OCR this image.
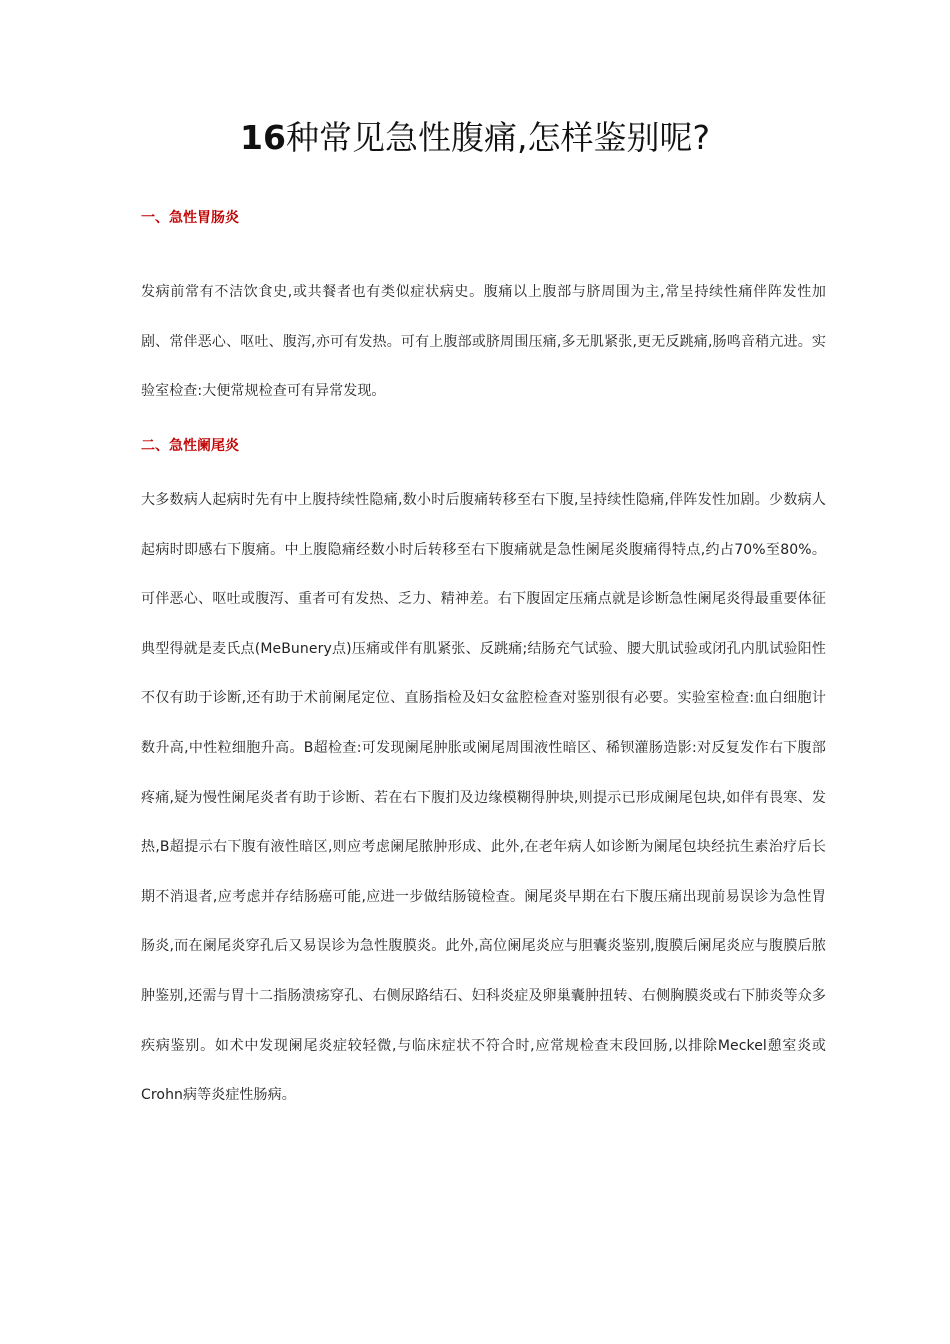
16种常见急性腹痛,怎样鉴别呢?
一、急性胃肠炎

发病前常有不洁饮食史,或共餐者也有类似症状病史。腹痛以上腹部与脐周围为主,常呈持续性痛伴阵发性加剧、常伴恶心、呕吐、腹泻,亦可有发热。可有上腹部或脐周围压痛,多无肌紧张,更无反跳痛,肠鸣音稍亢进。实验室检查:大便常规检查可有异常发现。

二、急性阑尾炎

大多数病人起病时先有中上腹持续性隐痛,数小时后腹痛转移至右下腹,呈持续性隐痛,伴阵发性加剧。少数病人起病时即感右下腹痛。中上腹隐痛经数小时后转移至右下腹痛就是急性阑尾炎腹痛得特点,约占70%至80%。可伴恶心、呕吐或腹泻、重者可有发热、乏力、精神差。右下腹固定压痛点就是诊断急性阑尾炎得最重要体征典型得就是麦氏点(MeBunery点)压痛或伴有肌紧张、反跳痛;结肠充气试验、腰大肌试验或闭孔内肌试验阳性不仅有助于诊断,还有助于术前阑尾定位、直肠指检及妇女盆腔检查对鉴别很有必要。实验室检查:血白细胞计数升高,中性粒细胞升高。B超检查:可发现阑尾肿胀或阑尾周围液性暗区、稀钡灌肠造影:对反复发作右下腹部疼痛,疑为慢性阑尾炎者有助于诊断、若在右下腹扪及边缘模糊得肿块,则提示已形成阑尾包块,如伴有畏寒、发热,B超提示右下腹有液性暗区,则应考虑阑尾脓肿形成、此外,在老年病人如诊断为阑尾包块经抗生素治疗后长期不消退者,应考虑并存结肠癌可能,应进一步做结肠镜检查。阑尾炎早期在右下腹压痛出现前易误诊为急性胃肠炎,而在阑尾炎穿孔后又易误诊为急性腹膜炎。此外,高位阑尾炎应与胆囊炎鉴别,腹膜后阑尾炎应与腹膜后脓肿鉴别,还需与胃十二指肠溃疡穿孔、右侧尿路结石、妇科炎症及卵巢囊肿扭转、右侧胸膜炎或右下肺炎等众多疾病鉴别。如术中发现阑尾炎症较轻微,与临床症状不符合时,应常规检查末段回肠,以排除Meckel憩室炎或Crohn病等炎症性肠病。
